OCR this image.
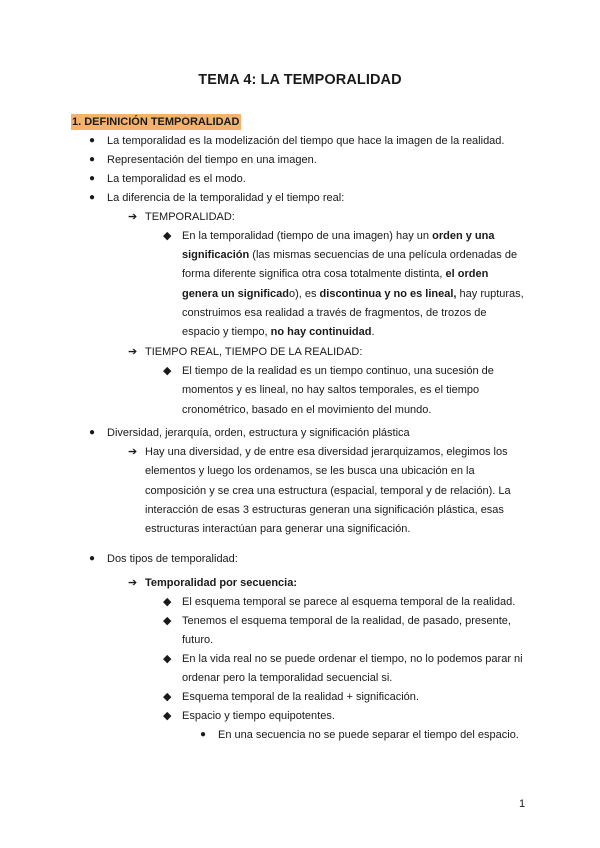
TEMA 4: LA TEMPORALIDAD
1. DEFINICIÓN TEMPORALIDAD
● La temporalidad es la modelización del tiempo que hace la imagen de la realidad.
● Representación del tiempo en una imagen.
● La temporalidad es el modo.
● La diferencia de la temporalidad y el tiempo real:
➔ TEMPORALIDAD:
◆ En la temporalidad (tiempo de una imagen) hay un orden y una
significación (las mismas secuencias de una película ordenadas de
forma diferente significa otra cosa totalmente distinta, el orden
genera un significado), es discontinua y no es lineal, hay rupturas,
construimos esa realidad a través de fragmentos, de trozos de
espacio y tiempo, no hay continuidad.
➔ TIEMPO REAL, TIEMPO DE LA REALIDAD:
◆ El tiempo de la realidad es un tiempo continuo, una sucesión de
momentos y es lineal, no hay saltos temporales, es el tiempo
cronométrico, basado en el movimiento del mundo.
● Diversidad, jerarquía, orden, estructura y significación plástica
➔ Hay una diversidad, y de entre esa diversidad jerarquizamos, elegimos los
elementos y luego los ordenamos, se les busca una ubicación en la
composición y se crea una estructura (espacial, temporal y de relación). La
interacción de esas 3 estructuras generan una significación plástica, esas
estructuras interactúan para generar una significación.
● Dos tipos de temporalidad:
➔ Temporalidad por secuencia:
◆ El esquema temporal se parece al esquema temporal de la realidad.
◆ Tenemos el esquema temporal de la realidad, de pasado, presente,
futuro.
◆ En la vida real no se puede ordenar el tiempo, no lo podemos parar ni
ordenar pero la temporalidad secuencial si.
◆ Esquema temporal de la realidad + significación.
◆ Espacio y tiempo equipotentes.
● En una secuencia no se puede separar el tiempo del espacio.
1
